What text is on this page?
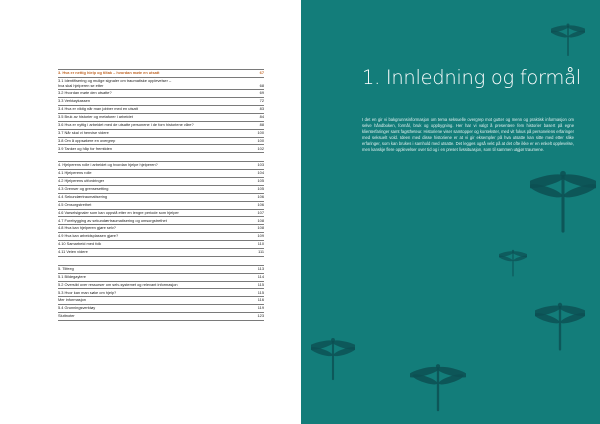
3. Hva er nettig hielp og tiltak – hvordan møte en utsatt	67
3.1 Identifisering og mulige signaler om traumatiske opplevelser –
hva skal hjelperen se etter	68
3.2 Hvordan møte den utsatte?	69
3.3 Verktøykassen	72
3.4 Hva er viktig når man jobber med en utsatt	83
3.5 Bruk av historier og metaforer i arbeidet	84
3.6 Hva er nyttig i arbeidet med de utsatte personene i de forn historiene våre?	88
3.7 Når skal vi henvise videre	100
3.8 Om å oppsøkere en overgrep	100
3.9 Tanker og håp for fremtiden	102
4. Hjelperens rolle i arbeidet og hvordan hjelpe hjelperen?	103
4.1 Hjelperens rolle	104
4.2 Hjelperens utfordringer	105
4.3 Grenser og grensesetting	105
4.4 Sekundærtraumatisering	106
4.5 Omsorgstrethet	106
4.6 Varselsignaler som kan oppstå etter en lengre periode som hjelper	107
4.7 Forebygging av sekundærtraumatisering og omsorgstrethet	108
4.8 Hva kan hjelperen gjøre selv?	108
4.9 Hva kan arbeidsplassen gjøre?	109
4.10 Samarbeid med folk	110
4.11 Veien videre	111
5. Tilfeeg	113
5.1 Bildegaylere	114
5.2 Oversikt over ressurser om selv-systemet og relevant informasjon	115
5.3 Hvor kan man søke om hjelp?	115
Mer informasjon	116
5.4 Grunningsverktøy	119
Sluttnoter	123
1. Innledning og formål

I det en gir vi bakgrunnsinformasjon om tema seksuelle overgrep mot gutter og menn og praktisk informasjon om selve håndboken, formål, bruk og oppbygning. Her har vi valgt å presentere fem historier basert på egne klienterfaringer samt fagstheteur. Historiene viser samtopper og kontekster, med vit fokus på personelens erfaringer med seksuelt vold. Ideen med disse historiene er at vi gir eksempler på hva utsatte kan sitte med etter slike erfaringer, som kan brukes i samhold med utsatte. Det legges også vekt på at det ofte ikke er en enkelt opplevelse, men kanskje flere opplevelser over tid og i en preset livssituasjon, som til sammen utgjør traumene.
